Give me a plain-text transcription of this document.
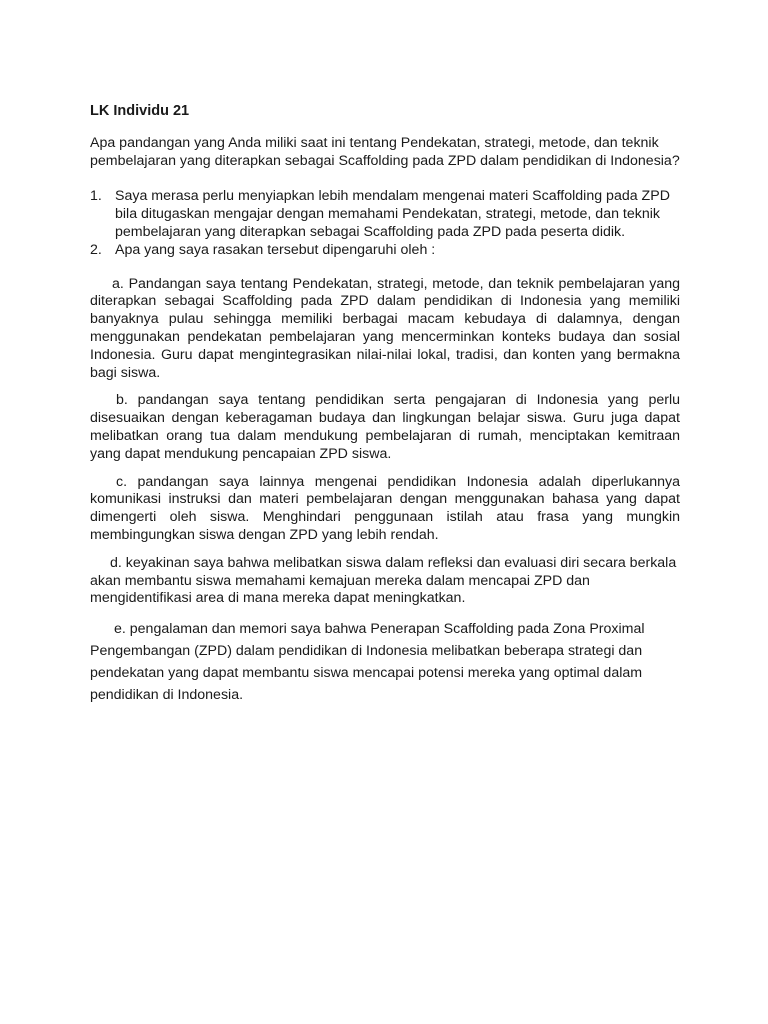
LK Individu 21
Apa pandangan yang Anda miliki saat ini tentang Pendekatan, strategi, metode, dan teknik pembelajaran yang diterapkan sebagai Scaffolding pada ZPD dalam pendidikan di Indonesia?
1. Saya merasa perlu menyiapkan lebih mendalam mengenai materi Scaffolding pada ZPD bila ditugaskan mengajar dengan memahami Pendekatan, strategi, metode, dan teknik pembelajaran yang diterapkan sebagai Scaffolding pada ZPD pada peserta didik.
2. Apa yang saya rasakan tersebut dipengaruhi oleh :

a. Pandangan saya tentang Pendekatan, strategi, metode, dan teknik pembelajaran yang diterapkan sebagai Scaffolding pada ZPD dalam pendidikan di Indonesia yang memiliki banyaknya pulau sehingga memiliki berbagai macam kebudaya di dalamnya, dengan menggunakan pendekatan pembelajaran yang mencerminkan konteks budaya dan sosial Indonesia. Guru dapat mengintegrasikan nilai-nilai lokal, tradisi, dan konten yang bermakna bagi siswa.

b. pandangan saya tentang pendidikan serta pengajaran di Indonesia yang perlu disesuaikan dengan keberagaman budaya dan lingkungan belajar siswa. Guru juga dapat melibatkan orang tua dalam mendukung pembelajaran di rumah, menciptakan kemitraan yang dapat mendukung pencapaian ZPD siswa.

c. pandangan saya lainnya mengenai pendidikan Indonesia adalah diperlukannya komunikasi instruksi dan materi pembelajaran dengan menggunakan bahasa yang dapat dimengerti oleh siswa. Menghindari penggunaan istilah atau frasa yang mungkin membingungkan siswa dengan ZPD yang lebih rendah.

d. keyakinan saya bahwa melibatkan siswa dalam refleksi dan evaluasi diri secara berkala akan membantu siswa memahami kemajuan mereka dalam mencapai ZPD dan mengidentifikasi area di mana mereka dapat meningkatkan.

e. pengalaman dan memori saya bahwa Penerapan Scaffolding pada Zona Proximal Pengembangan (ZPD) dalam pendidikan di Indonesia melibatkan beberapa strategi dan pendekatan yang dapat membantu siswa mencapai potensi mereka yang optimal dalam pendidikan di Indonesia.
